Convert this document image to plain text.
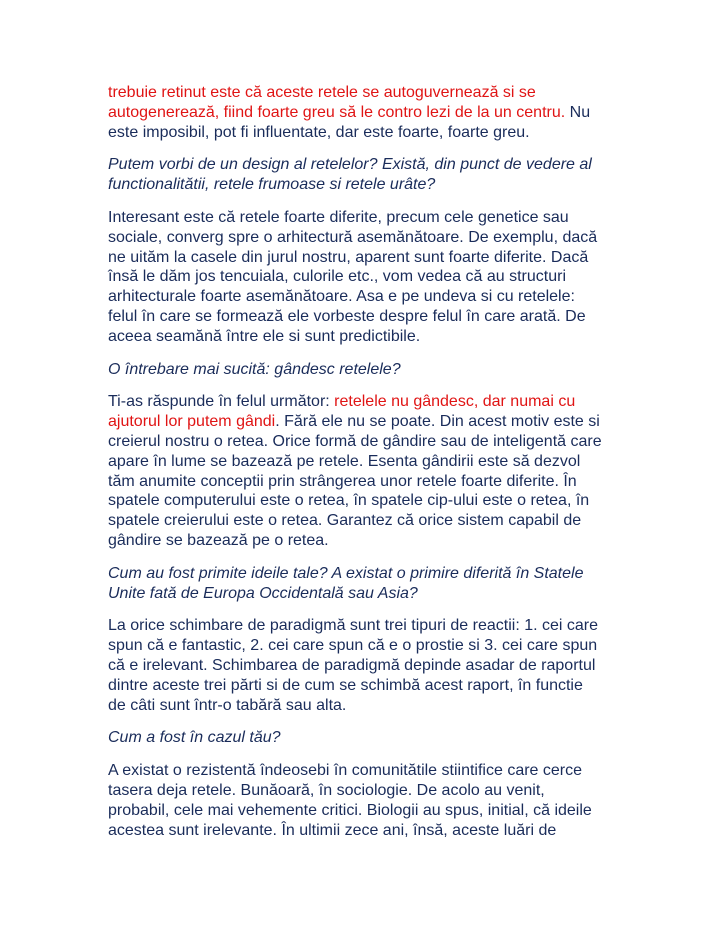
trebuie retinut este că aceste retele se autoguvernează si se
autogenerează, fiind foarte greu să le contro lezi de la un centru. Nu
este imposibil, pot fi influentate, dar este foarte, foarte greu.

Putem vorbi de un design al retelelor? Există, din punct de vedere al
functionalitătii, retele frumoase si retele urâte?

Interesant este că retele foarte diferite, precum cele genetice sau
sociale, converg spre o arhitectură asemănătoare. De exemplu, dacă
ne uităm la casele din jurul nostru, aparent sunt foarte diferite. Dacă
însă le dăm jos tencuiala, culorile etc., vom vedea că au structuri
arhitecturale foarte asemănătoare. Asa e pe undeva si cu retelele:
felul în care se formează ele vorbeste despre felul în care arată. De
aceea seamănă între ele si sunt predictibile.

O întrebare mai sucită: gândesc retelele?

Ti-as răspunde în felul următor: retelele nu gândesc, dar numai cu
ajutorul lor putem gândi. Fără ele nu se poate. Din acest motiv este si
creierul nostru o retea. Orice formă de gândire sau de inteligentă care
apare în lume se bazează pe retele. Esenta gândirii este să dezvol
tăm anumite conceptii prin strângerea unor retele foarte diferite. În
spatele computerului este o retea, în spatele cip-ului este o retea, în
spatele creierului este o retea. Garantez că orice sistem capabil de
gândire se bazează pe o retea.

Cum au fost primite ideile tale? A existat o primire diferită în Statele
Unite fată de Europa Occidentală sau Asia?

La orice schimbare de paradigmă sunt trei tipuri de reactii: 1. cei care
spun că e fantastic, 2. cei care spun că e o prostie si 3. cei care spun
că e irelevant. Schimbarea de paradigmă depinde asadar de raportul
dintre aceste trei părti si de cum se schimbă acest raport, în functie
de câti sunt într-o tabără sau alta.

Cum a fost în cazul tău?

A existat o rezistentă îndeosebi în comunitătile stiintifice care cerce
tasera deja retele. Bunăoară, în sociologie. De acolo au venit,
probabil, cele mai vehemente critici. Biologii au spus, initial, că ideile
acestea sunt irelevante. În ultimii zece ani, însă, aceste luări de
